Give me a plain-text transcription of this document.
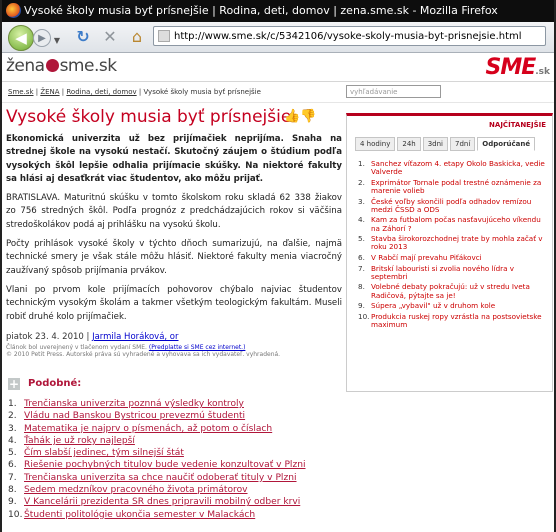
Vysoké školy musia byť prísnejšie | Rodina, deti, domov | zena.sme.sk - Mozilla Firefox
◀	▶	▼ ↻ ✕ ⌂	http://www.sme.sk/c/5342106/vysoke-skoly-musia-byt-prisnejsie.html
žena sme.sk	SME.sk
Sme.sk | ŽENA | Rodina, deti, domov | Vysoké školy musia byť prísnejšie	vyhľadávanie
Vysoké školy musia byť prísnejšie
👍👎
Ekonomická univerzita už bez prijímačiek neprijíma. Snaha na strednej škole na vysokú nestačí. Skutočný záujem o štúdium podľa vysokých škôl lepšie odhalia prijímacie skúšky. Na niektoré fakulty sa hlási aj desaťkrát viac študentov, ako môžu prijať.
BRATISLAVA. Maturitnú skúšku v tomto školskom roku skladá 62 338 žiakov zo 756 stredných škôl. Podľa prognóz z predchádzajúcich rokov si väčšina stredoškolákov podá aj prihlášku na vysokú školu.
Počty prihlások vysoké školy v týchto dňoch sumarizujú, na ďalšie, najmä technické smery je však stále môžu hlásiť. Niektoré fakulty menia viacročný zaužívaný spôsob prijímania prvákov.
Vlani po prvom kole prijímacích pohovorov chýbalo najviac študentov technickým vysokým školám a takmer všetkým teologickým fakultám. Museli robiť druhé kolo prijímačiek.
piatok 23. 4. 2010 | Jarmila Horáková, or
Článok bol uverejnený v tlačenom vydaní SME. (Predplatte si SME cez internet.)
© 2010 Petit Press. Autorské práva sú vyhradené a vyhovava sa ich vydavateľ. vyhradená.
NAJČÍTANEJŠIE
4 hodiny	24h	3dni	7dní	Odporúčané
1. Sanchez víťazom 4. etapy Okolo Baskicka, vedie Valverde
2. Exprimátor Tornale podal trestné oznámenie za marenie volieb
3. České voľby skončili podľa odhadov remízou medzi ČSSD a ODS
4. Kam za futbalom počas nasťavujúceho víkendu na Záhorí ?
5. Stavba širokorozchodnej trate by mohla začať v roku 2013
6. V Rabčí mají prevahu Piťákovci
7. Britskí labouristi si zvolia nového lídra v septembri
8. Volebné debaty pokračujú: už v stredu Iveta Radičová, pýtajte sa je!
9. Súpera „vybavil" už v druhom kole
10. Produkcia ruskej ropy vzrástla na postsovietske maximum
+ Podobné:
1. Trenčianska univerzita poznná výsledky kontroly
2. Vládu nad Banskou Bystricou prevezmú študenti
3. Matematika je najprv o písmenách, až potom o číslach
4. Ťahák je už roky najlepší
5. Čím slabší jedinec, tým silnejší štát
6. Riešenie pochybných titulov bude vedenie konzultovať v Plzni
7. Trenčianska univerzita sa chce naučiť odoberať tituly v Plzni
8. Sedem medzníkov pracovného života primátorov
9. V Kancelárii prezidenta SR dnes pripravili mobilný odber krvi
10. Študenti politológie ukončia semester v Malackách
